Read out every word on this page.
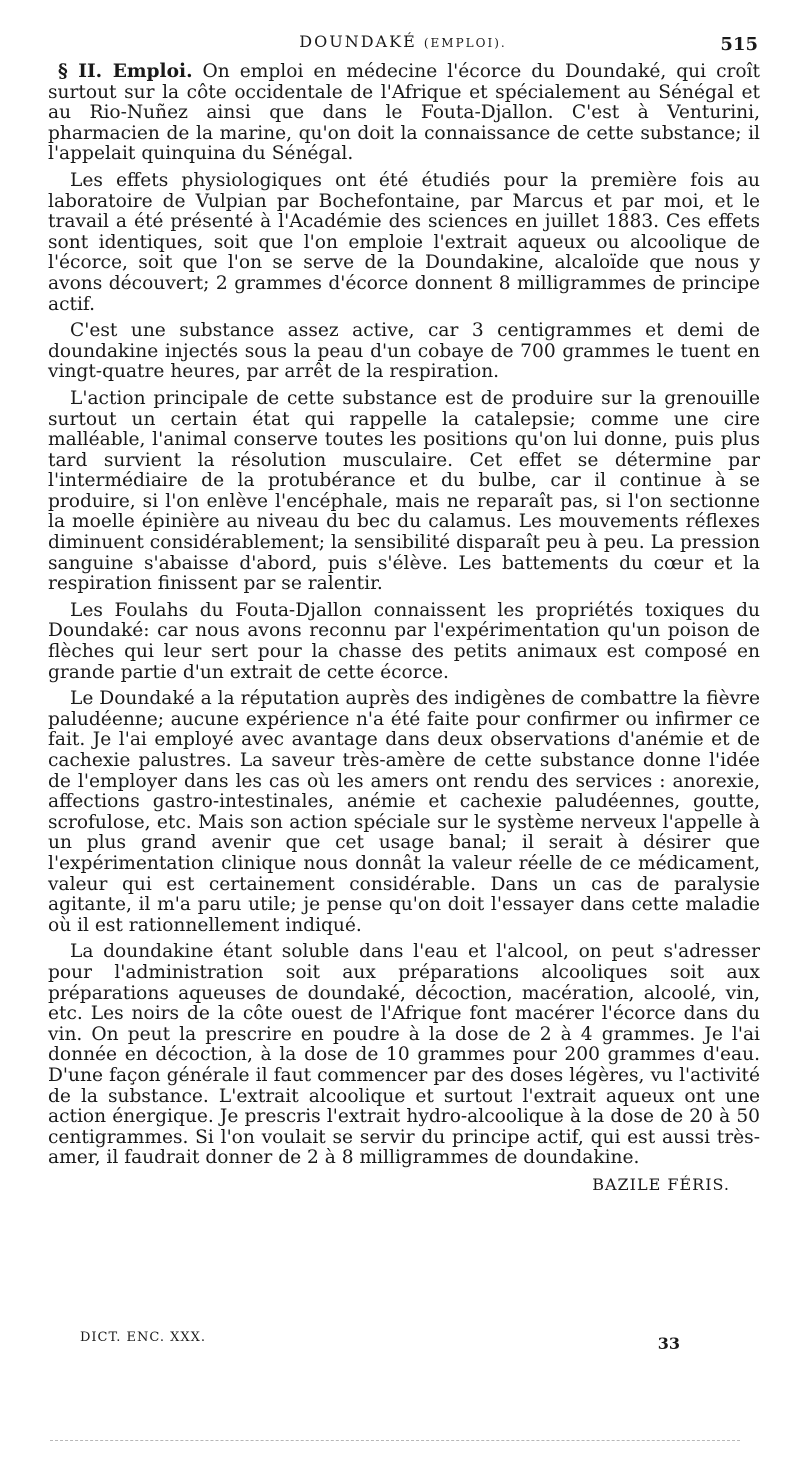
DOUNDAKÉ (EMPLOI).	515

§ II. Emploi. On emploi en médecine l'écorce du Doundaké, qui croît surtout sur la côte occidentale de l'Afrique et spécialement au Sénégal et au Rio-Nuñez ainsi que dans le Fouta-Djallon. C'est à Venturini, pharmacien de la marine, qu'on doit la connaissance de cette substance; il l'appelait quinquina du Sénégal.

Les effets physiologiques ont été étudiés pour la première fois au laboratoire de Vulpian par Bochefontaine, par Marcus et par moi, et le travail a été présenté à l'Académie des sciences en juillet 1883. Ces effets sont identiques, soit que l'on emploie l'extrait aqueux ou alcoolique de l'écorce, soit que l'on se serve de la Doundakine, alcaloïde que nous y avons découvert; 2 grammes d'écorce donnent 8 milligrammes de principe actif.

C'est une substance assez active, car 3 centigrammes et demi de doundakine injectés sous la peau d'un cobaye de 700 grammes le tuent en vingt-quatre heures, par arrêt de la respiration.

L'action principale de cette substance est de produire sur la grenouille surtout un certain état qui rappelle la catalepsie; comme une cire malléable, l'animal conserve toutes les positions qu'on lui donne, puis plus tard survient la résolution musculaire. Cet effet se détermine par l'intermédiaire de la protubérance et du bulbe, car il continue à se produire, si l'on enlève l'encéphale, mais ne reparaît pas, si l'on sectionne la moelle épinière au niveau du bec du calamus. Les mouvements réflexes diminuent considérablement; la sensibilité disparaît peu à peu. La pression sanguine s'abaisse d'abord, puis s'élève. Les battements du cœur et la respiration finissent par se ralentir.

Les Foulahs du Fouta-Djallon connaissent les propriétés toxiques du Doundaké: car nous avons reconnu par l'expérimentation qu'un poison de flèches qui leur sert pour la chasse des petits animaux est composé en grande partie d'un extrait de cette écorce.

Le Doundaké a la réputation auprès des indigènes de combattre la fièvre paludéenne; aucune expérience n'a été faite pour confirmer ou infirmer ce fait. Je l'ai employé avec avantage dans deux observations d'anémie et de cachexie palustres. La saveur très-amère de cette substance donne l'idée de l'employer dans les cas où les amers ont rendu des services : anorexie, affections gastro-intestinales, anémie et cachexie paludéennes, goutte, scrofulose, etc. Mais son action spéciale sur le système nerveux l'appelle à un plus grand avenir que cet usage banal; il serait à désirer que l'expérimentation clinique nous donnât la valeur réelle de ce médicament, valeur qui est certainement considérable. Dans un cas de paralysie agitante, il m'a paru utile; je pense qu'on doit l'essayer dans cette maladie où il est rationnellement indiqué.

La doundakine étant soluble dans l'eau et l'alcool, on peut s'adresser pour l'administration soit aux préparations alcooliques soit aux préparations aqueuses de doundaké, décoction, macération, alcoolé, vin, etc. Les noirs de la côte ouest de l'Afrique font macérer l'écorce dans du vin. On peut la prescrire en poudre à la dose de 2 à 4 grammes. Je l'ai donnée en décoction, à la dose de 10 grammes pour 200 grammes d'eau. D'une façon générale il faut commencer par des doses légères, vu l'activité de la substance. L'extrait alcoolique et surtout l'extrait aqueux ont une action énergique. Je prescris l'extrait hydro-alcoolique à la dose de 20 à 50 centigrammes. Si l'on voulait se servir du principe actif, qui est aussi très-amer, il faudrait donner de 2 à 8 milligrammes de doundakine.

BAZILE FÉRIS.
DICT. ENC. XXX.	33
